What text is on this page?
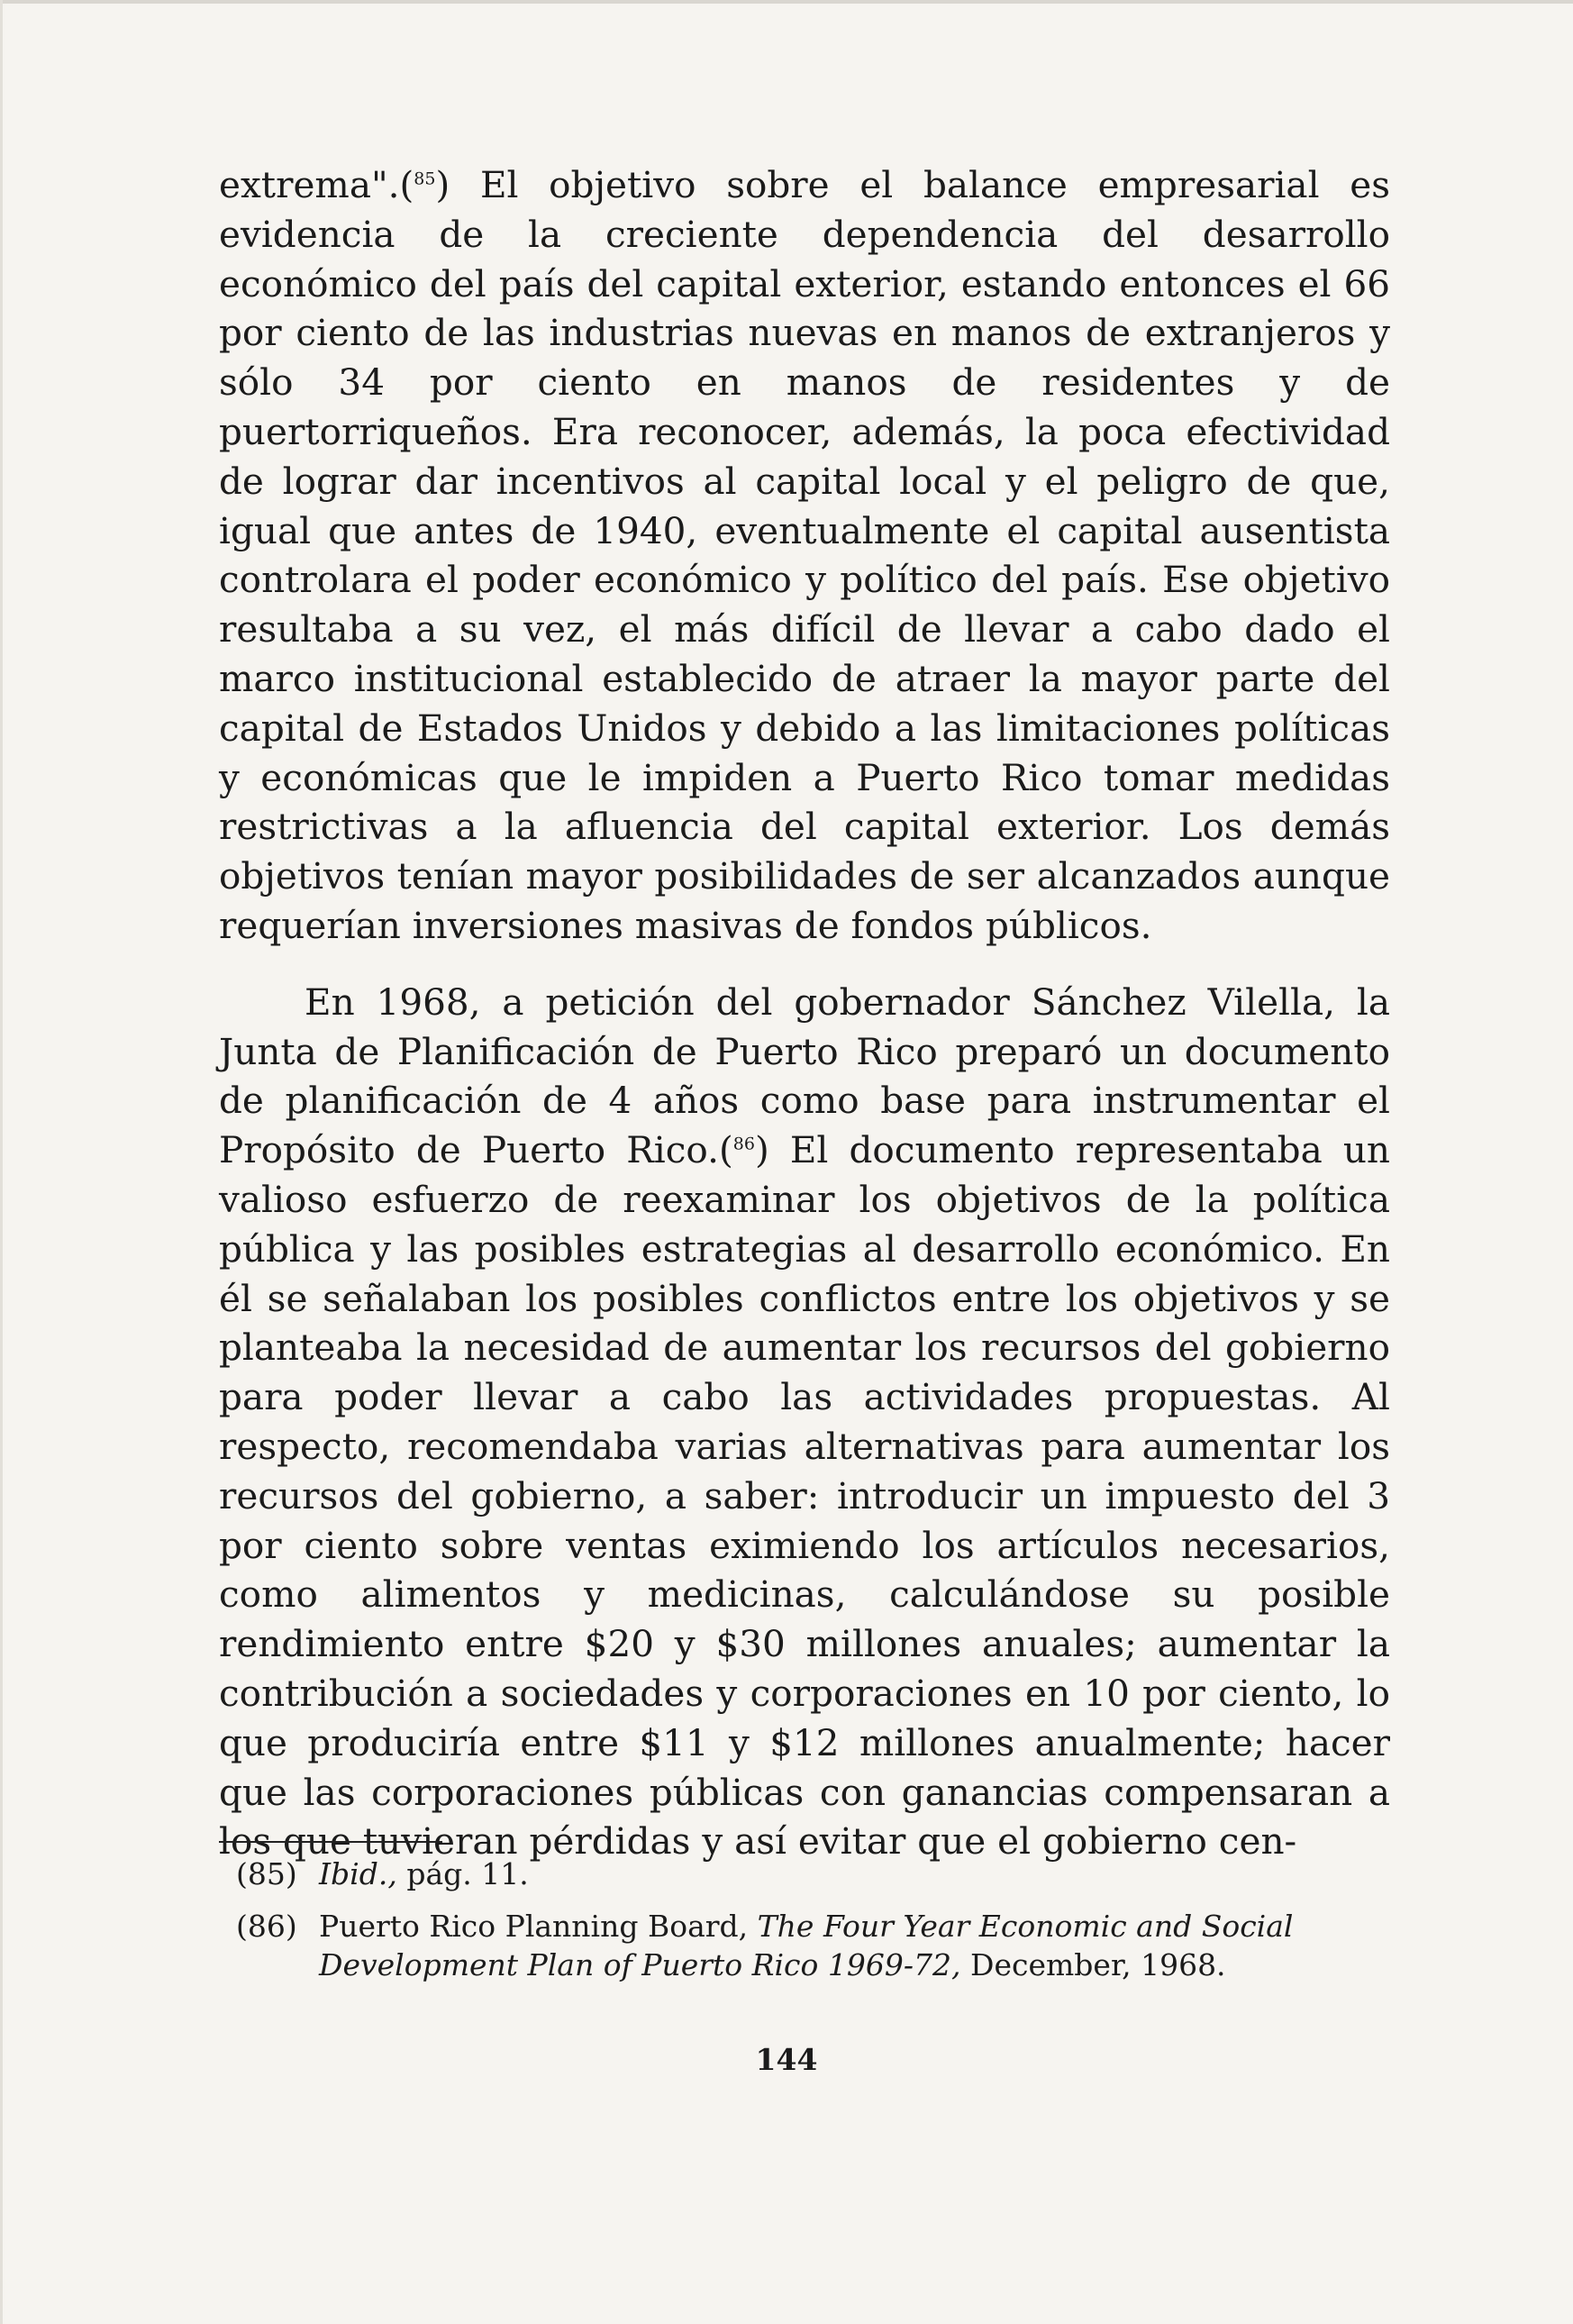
extrema".($^{85}$) El objetivo sobre el balance empresarial es evidencia de la creciente dependencia del desarrollo económico del país del capital exterior, estando entonces el 66 por ciento de las industrias nuevas en manos de extranjeros y sólo 34 por ciento en manos de residentes y de puertorriqueños. Era reconocer, además, la poca efectividad de lograr dar incentivos al capital local y el peligro de que, igual que antes de 1940, eventualmente el capital ausentista controlara el poder económico y político del país. Ese objetivo resultaba a su vez, el más difícil de llevar a cabo dado el marco institucional establecido de atraer la mayor parte del capital de Estados Unidos y debido a las limitaciones políticas y económicas que le impiden a Puerto Rico tomar medidas restrictivas a la afluencia del capital exterior. Los demás objetivos tenían mayor posibilidades de ser alcanzados aunque requerían inversiones masivas de fondos públicos.

En 1968, a petición del gobernador Sánchez Vilella, la Junta de Planificación de Puerto Rico preparó un documento de planificación de 4 años como base para instrumentar el Propósito de Puerto Rico.($^{86}$) El documento representaba un valioso esfuerzo de reexaminar los objetivos de la política pública y las posibles estrategias al desarrollo económico. En él se señalaban los posibles conflictos entre los objetivos y se planteaba la necesidad de aumentar los recursos del gobierno para poder llevar a cabo las actividades propuestas. Al respecto, recomendaba varias alternativas para aumentar los recursos del gobierno, a saber: introducir un impuesto del 3 por ciento sobre ventas eximiendo los artículos necesarios, como alimentos y medicinas, calculándose su posible rendimiento entre $20 y $30 millones anuales; aumentar la contribución a sociedades y corporaciones en 10 por ciento, lo que produciría entre $11 y $12 millones anualmente; hacer que las corporaciones públicas con ganancias compensaran a los que tuvieran pérdidas y así evitar que el gobierno cen-

(85) Ibid., pág. 11.
(86) Puerto Rico Planning Board, The Four Year Economic and Social Development Plan of Puerto Rico 1969-72, December, 1968.
144
